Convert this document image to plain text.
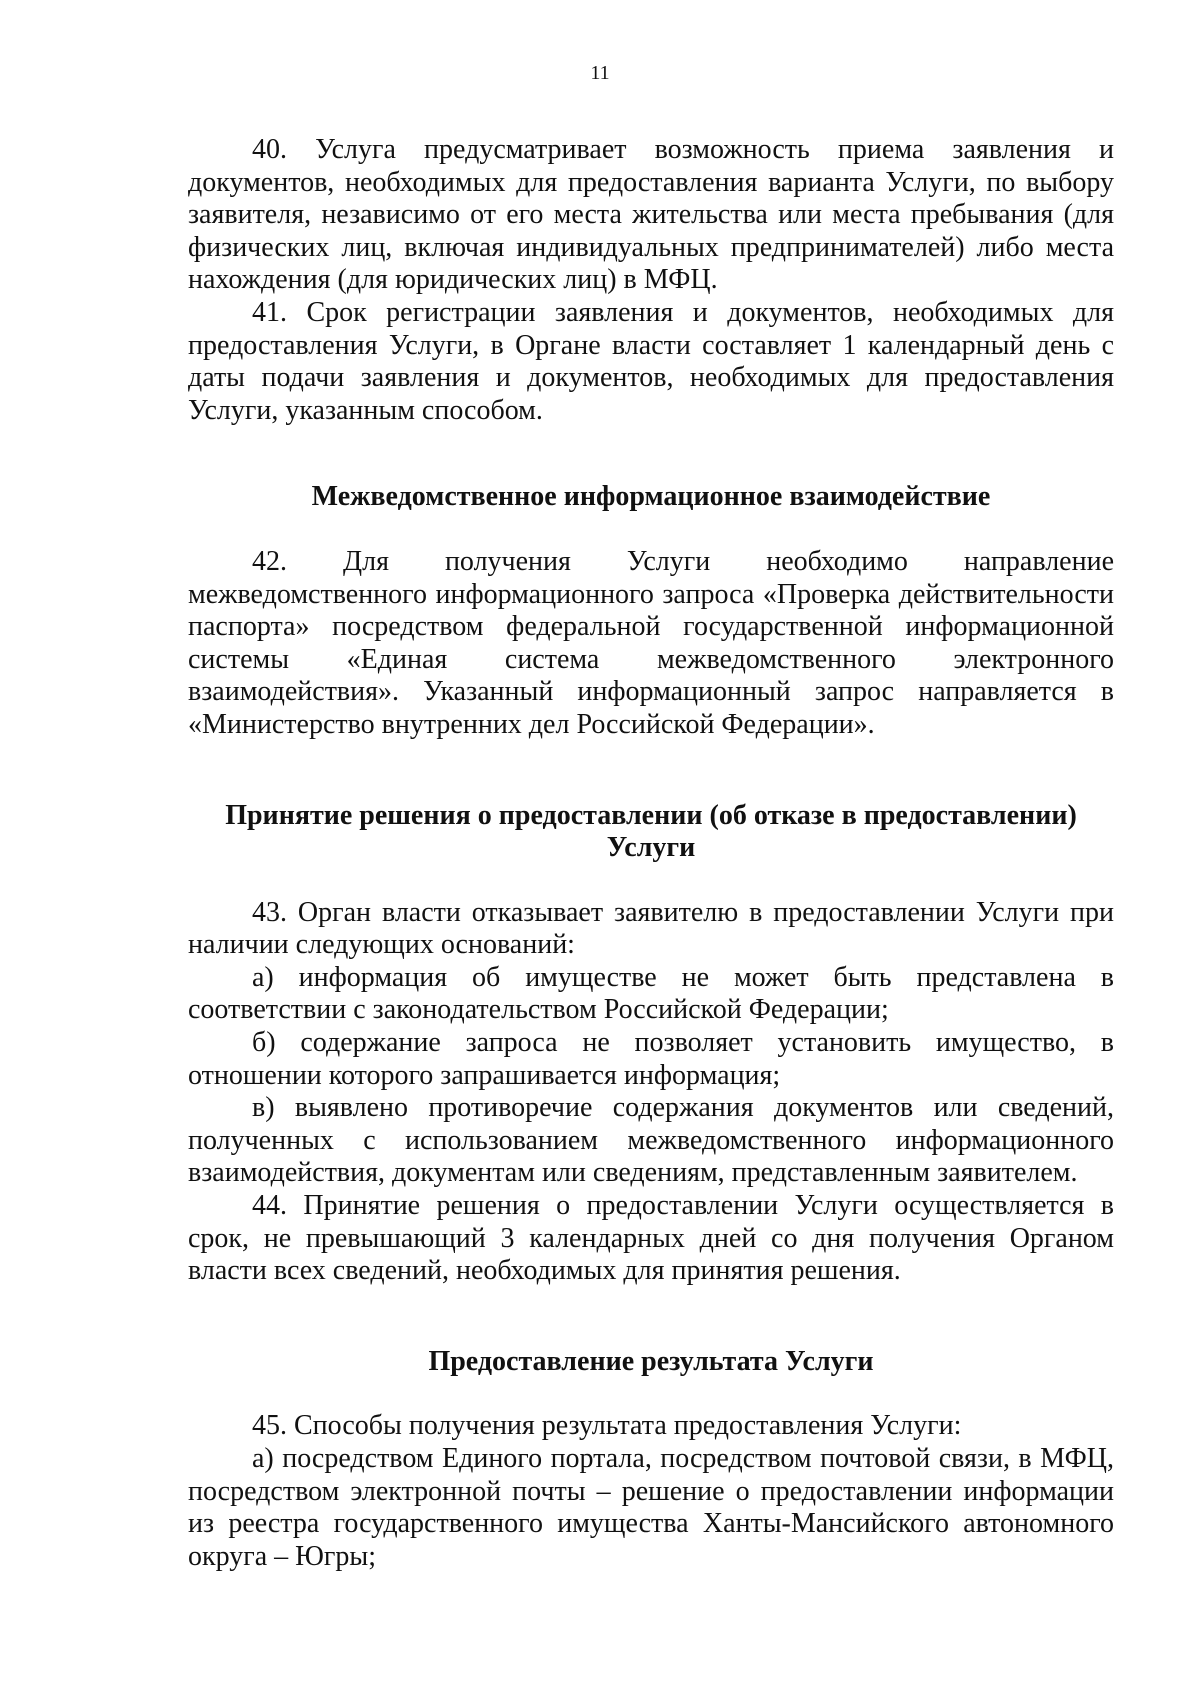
11

40. Услуга предусматривает возможность приема заявления и документов, необходимых для предоставления варианта Услуги, по выбору заявителя, независимо от его места жительства или места пребывания (для физических лиц, включая индивидуальных предпринимателей) либо места нахождения (для юридических лиц) в МФЦ.

41. Срок регистрации заявления и документов, необходимых для предоставления Услуги, в Органе власти составляет 1 календарный день с даты подачи заявления и документов, необходимых для предоставления Услуги, указанным способом.

Межведомственное информационное взаимодействие

42. Для получения Услуги необходимо направление межведомственного информационного запроса «Проверка действительности паспорта» посредством федеральной государственной информационной системы «Единая система межведомственного электронного взаимодействия». Указанный информационный запрос направляется в «Министерство внутренних дел Российской Федерации».

Принятие решения о предоставлении (об отказе в предоставлении) Услуги

43. Орган власти отказывает заявителю в предоставлении Услуги при наличии следующих оснований:

а) информация об имуществе не может быть представлена в соответствии с законодательством Российской Федерации;

б) содержание запроса не позволяет установить имущество, в отношении которого запрашивается информация;

в) выявлено противоречие содержания документов или сведений, полученных с использованием межведомственного информационного взаимодействия, документам или сведениям, представленным заявителем.

44. Принятие решения о предоставлении Услуги осуществляется в срок, не превышающий 3 календарных дней со дня получения Органом власти всех сведений, необходимых для принятия решения.

Предоставление результата Услуги

45. Способы получения результата предоставления Услуги:

а) посредством Единого портала, посредством почтовой связи, в МФЦ, посредством электронной почты – решение о предоставлении информации из реестра государственного имущества Ханты-Мансийского автономного округа – Югры;
